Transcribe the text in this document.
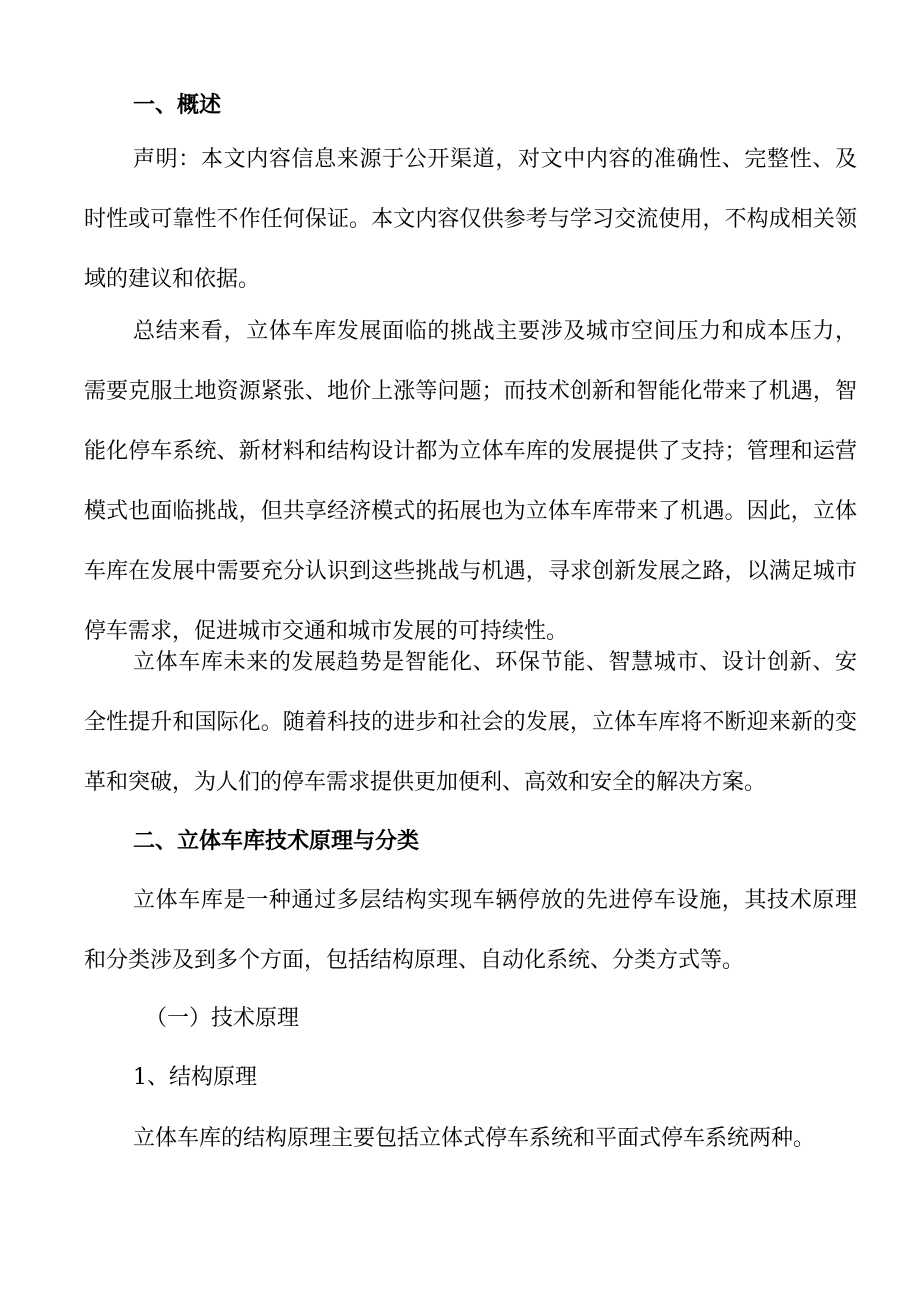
一、概述

声明：本文内容信息来源于公开渠道，对文中内容的准确性、完整性、及时性或可靠性不作任何保证。本文内容仅供参考与学习交流使用，不构成相关领域的建议和依据。

总结来看，立体车库发展面临的挑战主要涉及城市空间压力和成本压力，需要克服土地资源紧张、地价上涨等问题；而技术创新和智能化带来了机遇，智能化停车系统、新材料和结构设计都为立体车库的发展提供了支持；管理和运营模式也面临挑战，但共享经济模式的拓展也为立体车库带来了机遇。因此，立体车库在发展中需要充分认识到这些挑战与机遇，寻求创新发展之路，以满足城市停车需求，促进城市交通和城市发展的可持续性。

立体车库未来的发展趋势是智能化、环保节能、智慧城市、设计创新、安全性提升和国际化。随着科技的进步和社会的发展，立体车库将不断迎来新的变革和突破，为人们的停车需求提供更加便利、高效和安全的解决方案。

二、立体车库技术原理与分类

立体车库是一种通过多层结构实现车辆停放的先进停车设施，其技术原理和分类涉及到多个方面，包括结构原理、自动化系统、分类方式等。

（一）技术原理
1、结构原理
立体车库的结构原理主要包括立体式停车系统和平面式停车系统两种。
